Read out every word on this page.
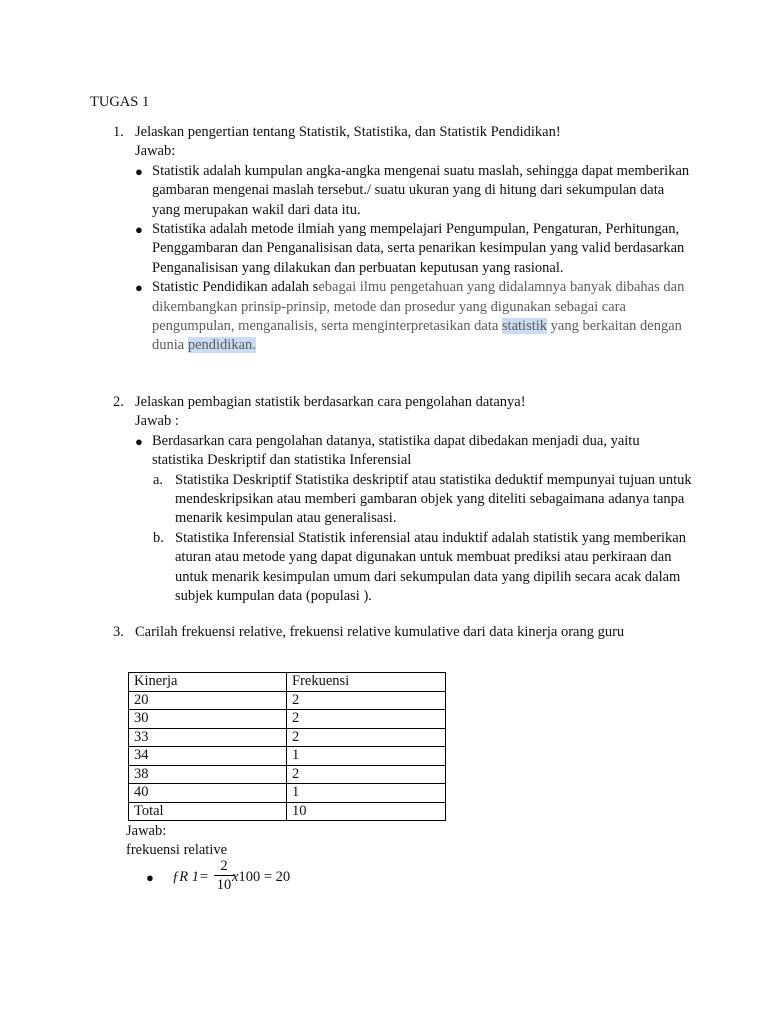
TUGAS 1
1. Jelaskan pengertian tentang Statistik, Statistika, dan Statistik Pendidikan!
Jawab:
● Statistik adalah kumpulan angka-angka mengenai suatu maslah, sehingga dapat memberikan gambaran mengenai maslah tersebut./ suatu ukuran yang di hitung dari sekumpulan data yang merupakan wakil dari data itu.
● Statistika adalah metode ilmiah yang mempelajari Pengumpulan, Pengaturan, Perhitungan, Penggambaran dan Penganalisisan data, serta penarikan kesimpulan yang valid berdasarkan Penganalisisan yang dilakukan dan perbuatan keputusan yang rasional.
● Statistic Pendidikan adalah sebagai ilmu pengetahuan yang didalamnya banyak dibahas dan dikembangkan prinsip-prinsip, metode dan prosedur yang digunakan sebagai cara pengumpulan, menganalisis, serta menginterpretasikan data statistik yang berkaitan dengan dunia pendidikan.
2. Jelaskan pembagian statistik berdasarkan cara pengolahan datanya!
Jawab :
● Berdasarkan cara pengolahan datanya, statistika dapat dibedakan menjadi dua, yaitu statistika Deskriptif dan statistika Inferensial
a. Statistika Deskriptif Statistika deskriptif atau statistika deduktif mempunyai tujuan untuk mendeskripsikan atau memberi gambaran objek yang diteliti sebagaimana adanya tanpa menarik kesimpulan atau generalisasi.
b. Statistika Inferensial Statistik inferensial atau induktif adalah statistik yang memberikan aturan atau metode yang dapat digunakan untuk membuat prediksi atau perkiraan dan untuk menarik kesimpulan umum dari sekumpulan data yang dipilih secara acak dalam subjek kumpulan data (populasi ).
3. Carilah frekuensi relative, frekuensi relative kumulative dari data kinerja orang guru
Kinerja	Frekuensi
20	2
30	2
33	2
34	1
38	2
40	1
Total	10
Jawab:
frekuensi relative
● ƒR 1=
2
10 x100 = 20
